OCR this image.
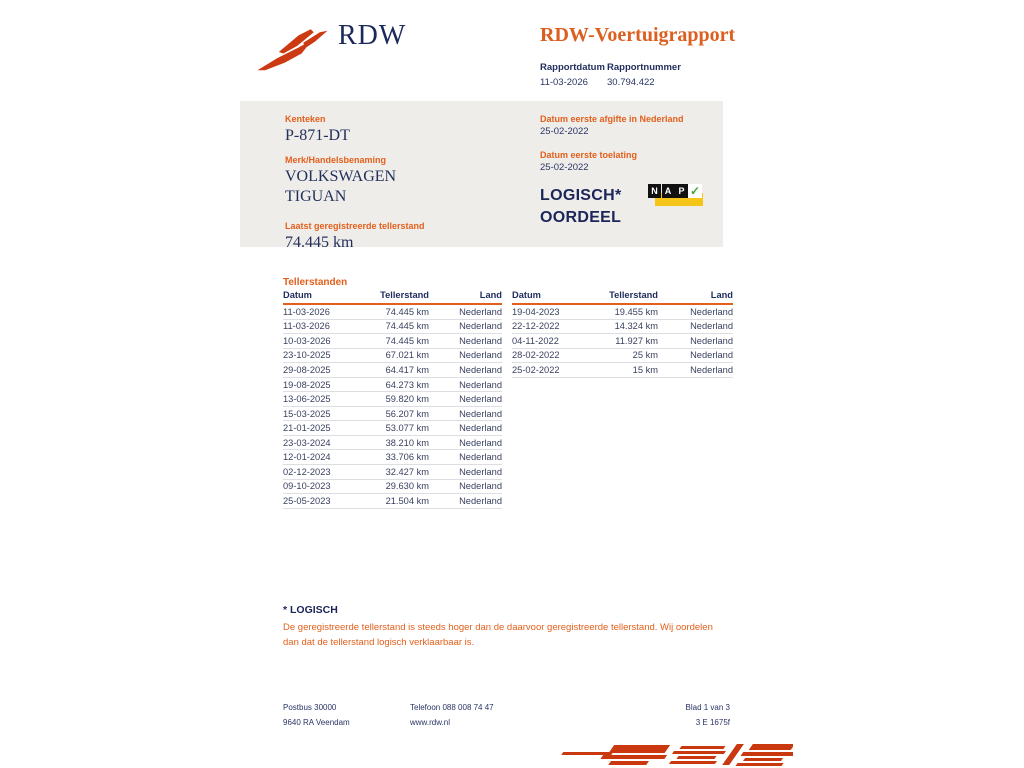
RDW	RDW-Voertuigrapport
Rapportdatum
11-03-2026
Rapportnummer
30.794.422
Kenteken
P-871-DT
Merk/Handelsbenaming
VOLKSWAGEN
TIGUAN
Laatst geregistreerde tellerstand
74.445 km
Datum eerste afgifte in Nederland
25-02-2022
Datum eerste toelating
25-02-2022
LOGISCH*
OORDEEL
N A P ✓
Tellerstanden
Datum	Tellerstand	Land
11-03-2026	74.445 km	Nederland
11-03-2026	74.445 km	Nederland
10-03-2026	74.445 km	Nederland
23-10-2025	67.021 km	Nederland
29-08-2025	64.417 km	Nederland
19-08-2025	64.273 km	Nederland
13-06-2025	59.820 km	Nederland
15-03-2025	56.207 km	Nederland
21-01-2025	53.077 km	Nederland
23-03-2024	38.210 km	Nederland
12-01-2024	33.706 km	Nederland
02-12-2023	32.427 km	Nederland
09-10-2023	29.630 km	Nederland
25-05-2023	21.504 km	Nederland
Datum	Tellerstand	Land
19-04-2023	19.455 km	Nederland
22-12-2022	14.324 km	Nederland
04-11-2022	11.927 km	Nederland
28-02-2022	25 km	Nederland
25-02-2022	15 km	Nederland
* LOGISCH
De geregistreerde tellerstand is steeds hoger dan de daarvoor geregistreerde tellerstand. Wij oordelen dan dat de tellerstand logisch verklaarbaar is.
Postbus 30000
9640 RA Veendam
Telefoon 088 008 74 47
www.rdw.nl
Blad 1 van 3
3 E 1675f
